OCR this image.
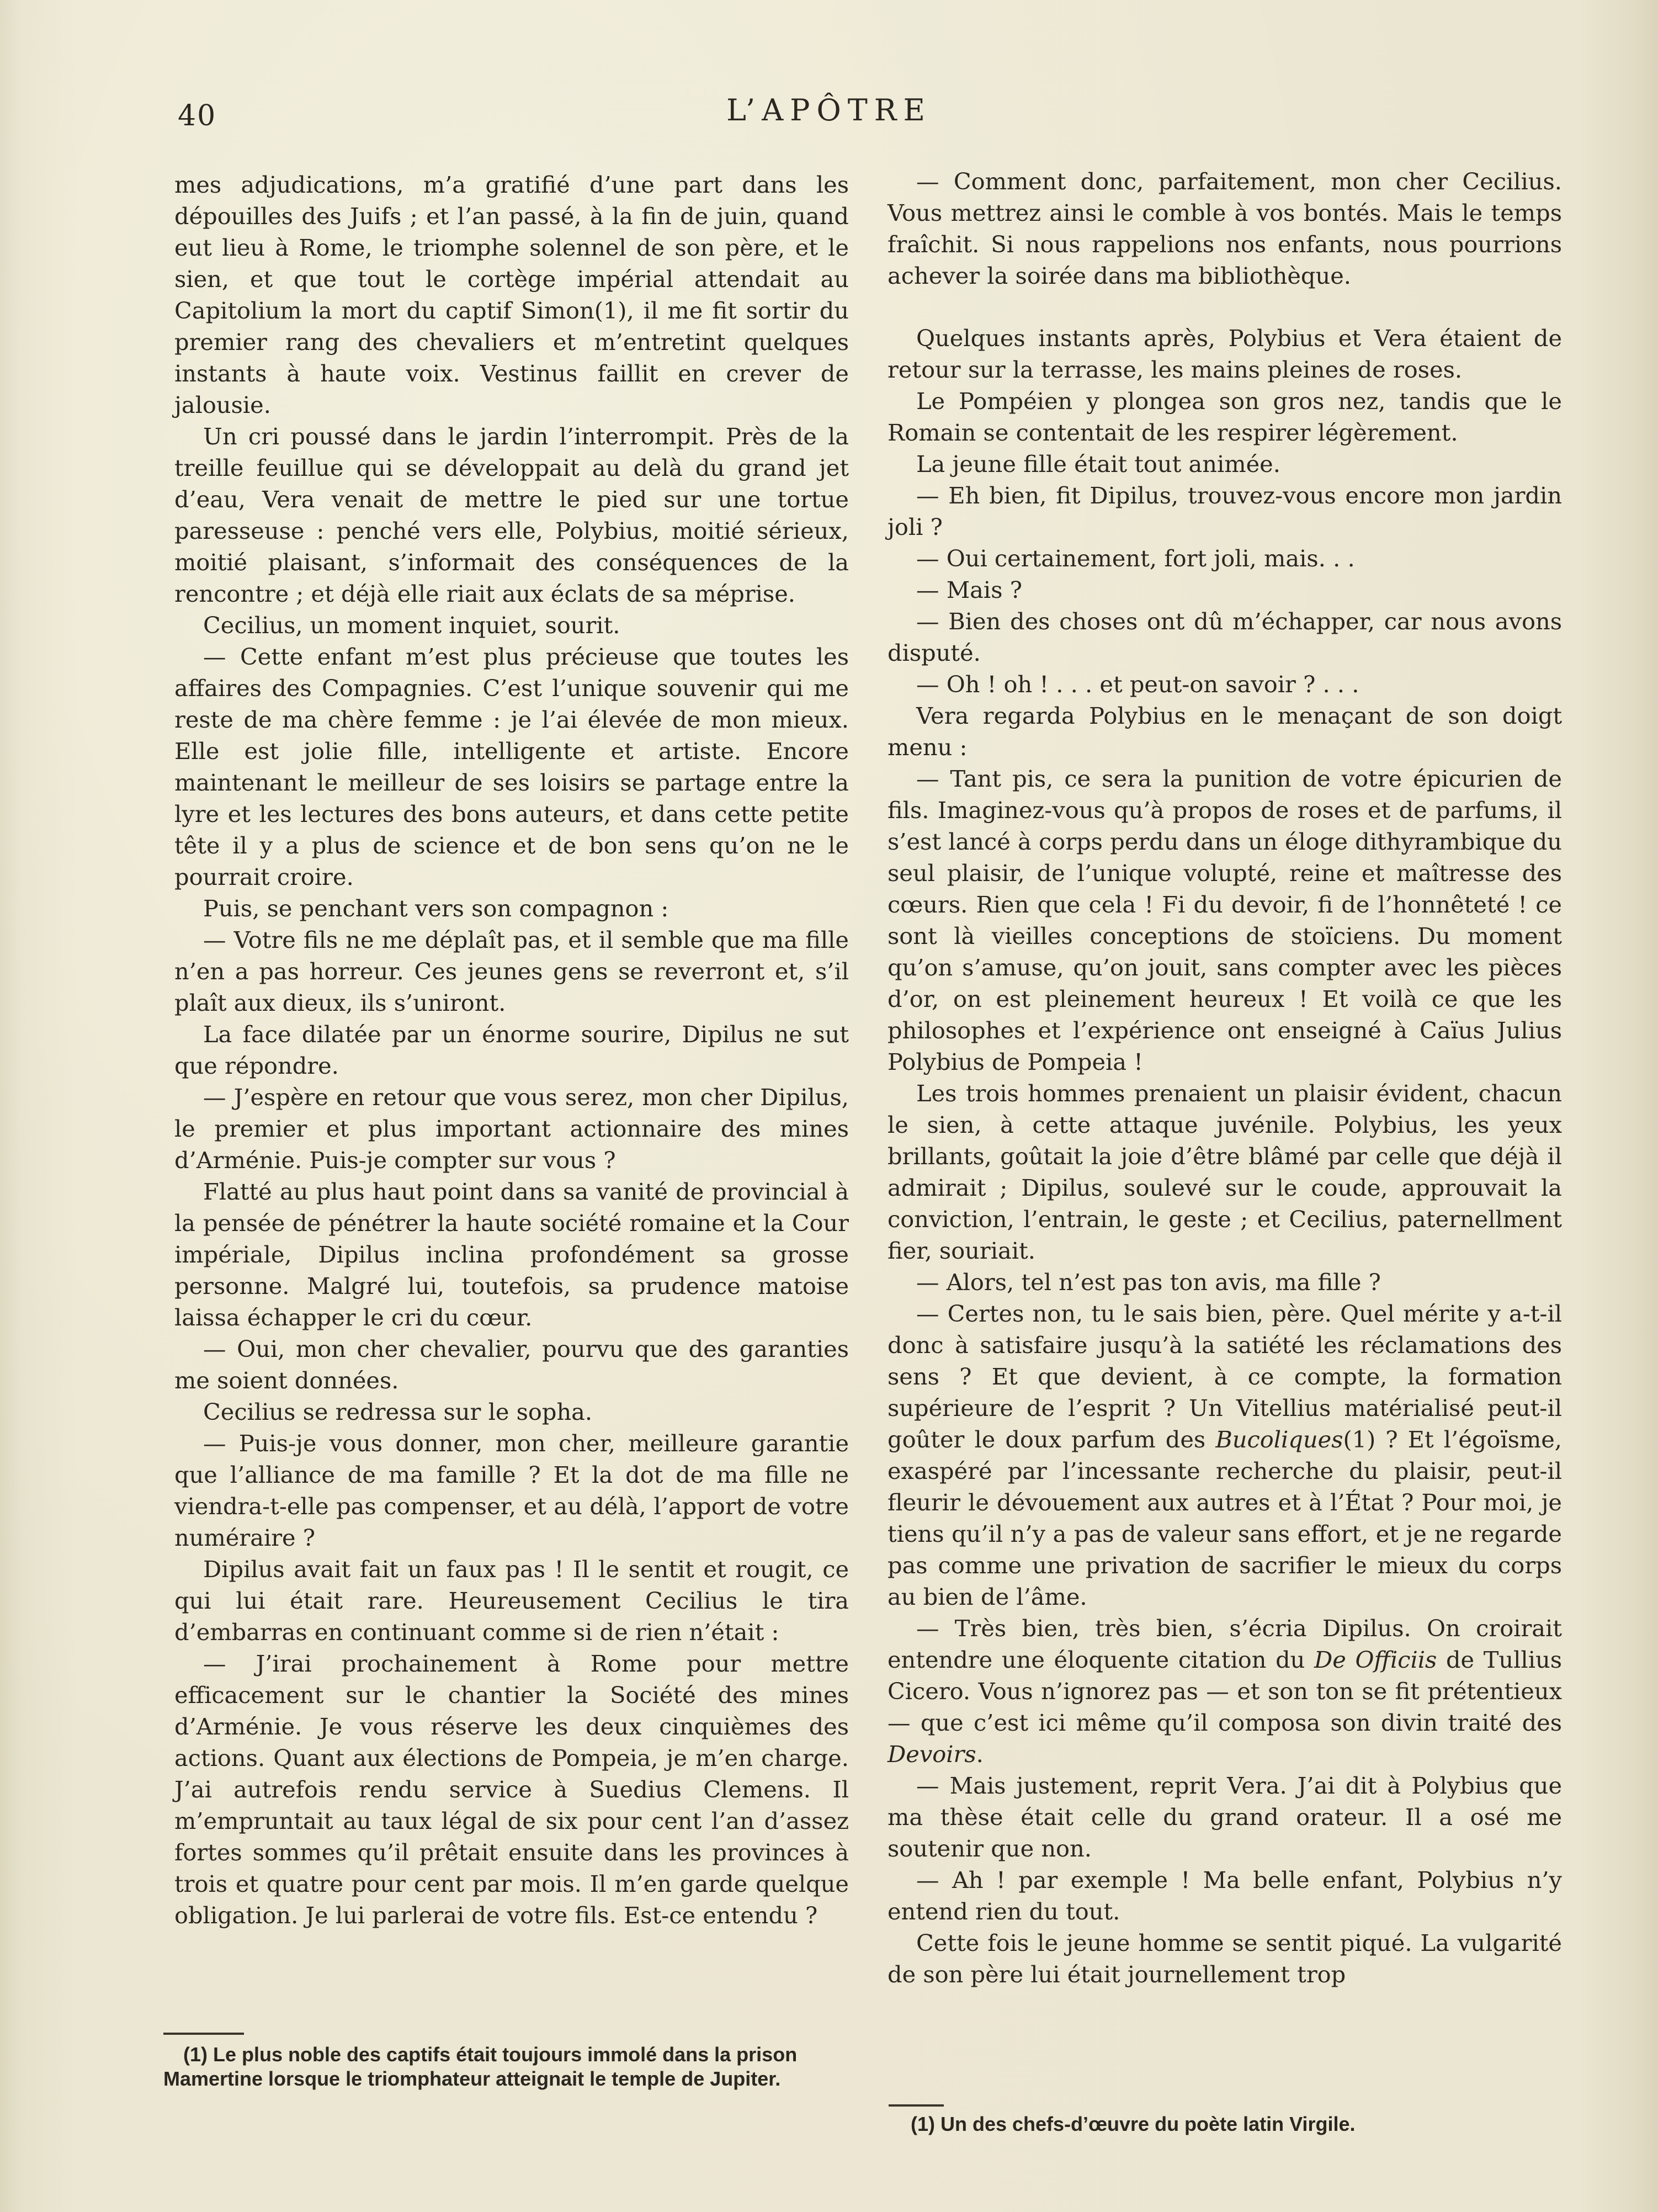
40	L’APÔTRE

mes adjudications, m’a gratifié d’une part dans les dépouilles des Juifs ; et l’an passé, à la fin de juin, quand eut lieu à Rome, le triomphe solennel de son père, et le sien, et que tout le cortège impérial attendait au Capitolium la mort du captif Simon(1), il me fit sortir du premier rang des chevaliers et m’entretint quelques instants à haute voix. Vestinus faillit en crever de jalousie.

Un cri poussé dans le jardin l’interrompit. Près de la treille feuillue qui se développait au delà du grand jet d’eau, Vera venait de mettre le pied sur une tortue paresseuse : penché vers elle, Polybius, moitié sérieux, moitié plaisant, s’informait des conséquences de la rencontre ; et déjà elle riait aux éclats de sa méprise.

Cecilius, un moment inquiet, sourit.

— Cette enfant m’est plus précieuse que toutes les affaires des Compagnies. C’est l’unique souvenir qui me reste de ma chère femme : je l’ai élevée de mon mieux. Elle est jolie fille, intelligente et artiste. Encore maintenant le meilleur de ses loisirs se partage entre la lyre et les lectures des bons auteurs, et dans cette petite tête il y a plus de science et de bon sens qu’on ne le pourrait croire.

Puis, se penchant vers son compagnon :

— Votre fils ne me déplaît pas, et il semble que ma fille n’en a pas horreur. Ces jeunes gens se reverront et, s’il plaît aux dieux, ils s’uniront.

La face dilatée par un énorme sourire, Dipilus ne sut que répondre.

— J’espère en retour que vous serez, mon cher Dipilus, le premier et plus important actionnaire des mines d’Arménie. Puis-je compter sur vous ?

Flatté au plus haut point dans sa vanité de provincial à la pensée de pénétrer la haute société romaine et la Cour impériale, Dipilus inclina profondément sa grosse personne. Malgré lui, toutefois, sa prudence matoise laissa échapper le cri du cœur.

— Oui, mon cher chevalier, pourvu que des garanties me soient données.

Cecilius se redressa sur le sopha.

— Puis-je vous donner, mon cher, meilleure garantie que l’alliance de ma famille ? Et la dot de ma fille ne viendra-t-elle pas compenser, et au délà, l’apport de votre numéraire ?

Dipilus avait fait un faux pas ! Il le sentit et rougit, ce qui lui était rare. Heureusement Cecilius le tira d’embarras en continuant comme si de rien n’était :

— J’irai prochainement à Rome pour mettre efficacement sur le chantier la Société des mines d’Arménie. Je vous réserve les deux cinquièmes des actions. Quant aux élections de Pompeia, je m’en charge. J’ai autrefois rendu service à Suedius Clemens. Il m’empruntait au taux légal de six pour cent l’an d’assez fortes sommes qu’il prêtait ensuite dans les provinces à trois et quatre pour cent par mois. Il m’en garde quelque obligation. Je lui parlerai de votre fils. Est-ce entendu ?

— Comment donc, parfaitement, mon cher Cecilius. Vous mettrez ainsi le comble à vos bontés. Mais le temps fraîchit. Si nous rappelions nos enfants, nous pourrions achever la soirée dans ma bibliothèque.

Quelques instants après, Polybius et Vera étaient de retour sur la terrasse, les mains pleines de roses.

Le Pompéien y plongea son gros nez, tandis que le Romain se contentait de les respirer légèrement.

La jeune fille était tout animée.

— Eh bien, fit Dipilus, trouvez-vous encore mon jardin joli ?

— Oui certainement, fort joli, mais. . .

— Mais ?

— Bien des choses ont dû m’échapper, car nous avons disputé.

— Oh ! oh ! . . . et peut-on savoir ? . . .

Vera regarda Polybius en le menaçant de son doigt menu :

— Tant pis, ce sera la punition de votre épicurien de fils. Imaginez-vous qu’à propos de roses et de parfums, il s’est lancé à corps perdu dans un éloge dithyrambique du seul plaisir, de l’unique volupté, reine et maîtresse des cœurs. Rien que cela ! Fi du devoir, fi de l’honnêteté ! ce sont là vieilles conceptions de stoïciens. Du moment qu’on s’amuse, qu’on jouit, sans compter avec les pièces d’or, on est pleinement heureux ! Et voilà ce que les philosophes et l’expérience ont enseigné à Caïus Julius Polybius de Pompeia !

Les trois hommes prenaient un plaisir évident, chacun le sien, à cette attaque juvénile. Polybius, les yeux brillants, goûtait la joie d’être blâmé par celle que déjà il admirait ; Dipilus, soulevé sur le coude, approuvait la conviction, l’entrain, le geste ; et Cecilius, paternellment fier, souriait.

— Alors, tel n’est pas ton avis, ma fille ?

— Certes non, tu le sais bien, père. Quel mérite y a-t-il donc à satisfaire jusqu’à la satiété les réclamations des sens ? Et que devient, à ce compte, la formation supérieure de l’esprit ? Un Vitellius matérialisé peut-il goûter le doux parfum des Bucoliques(1) ? Et l’égoïsme, exaspéré par l’incessante recherche du plaisir, peut-il fleurir le dévouement aux autres et à l’État ? Pour moi, je tiens qu’il n’y a pas de valeur sans effort, et je ne regarde pas comme une privation de sacrifier le mieux du corps au bien de l’âme.

— Très bien, très bien, s’écria Dipilus. On croirait entendre une éloquente citation du De Officiis de Tullius Cicero. Vous n’ignorez pas — et son ton se fit prétentieux — que c’est ici même qu’il composa son divin traité des Devoirs.

— Mais justement, reprit Vera. J’ai dit à Polybius que ma thèse était celle du grand orateur. Il a osé me soutenir que non.

— Ah ! par exemple ! Ma belle enfant, Polybius n’y entend rien du tout.

Cette fois le jeune homme se sentit piqué. La vulgarité de son père lui était journellement trop

(1) Le plus noble des captifs était toujours immolé dans la prison Mamertine lorsque le triomphateur atteignait le temple de Jupiter.
(1) Un des chefs-d’œuvre du poète latin Virgile.
